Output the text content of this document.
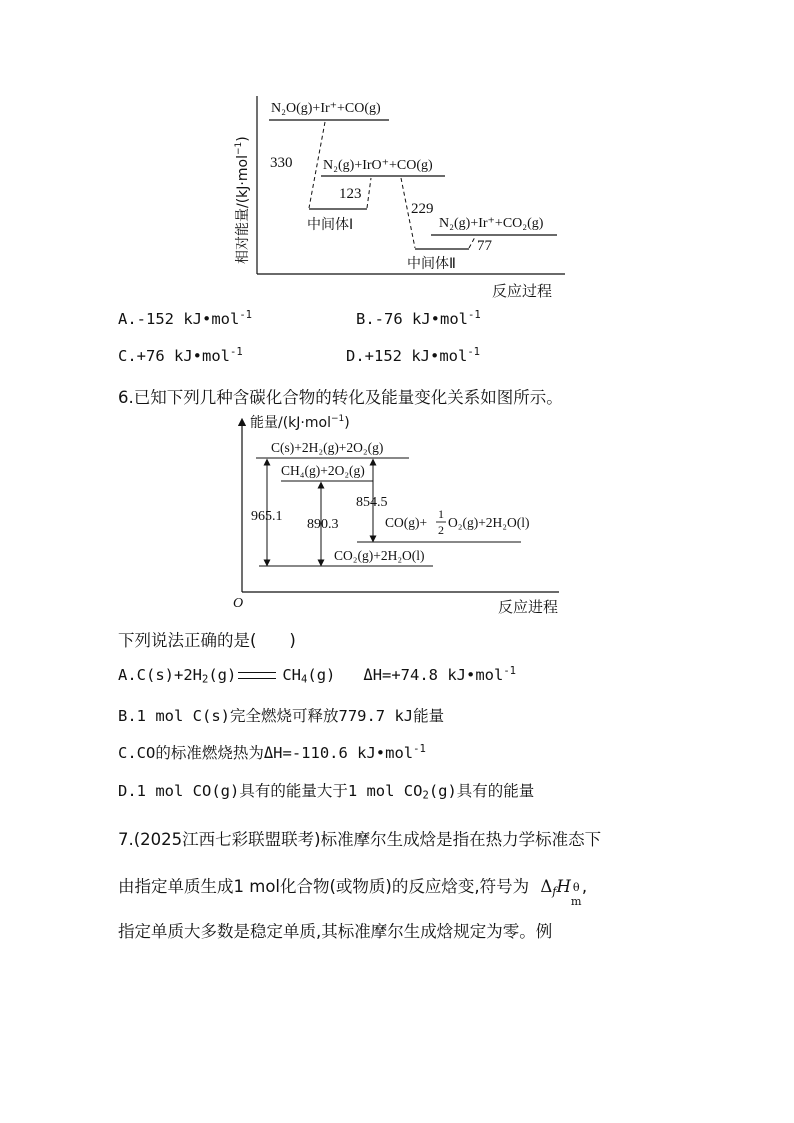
相对能量/(kJ·mol$^{-1}$)
N₂O(g)+Ir⁺+CO(g)
N₂(g)+IrO⁺+CO(g)
N₂(g)+Ir⁺+CO₂(g)
330
123
229
77
中间体Ⅰ
中间体Ⅱ
反应过程
A.-152 kJ•mol$^{-1}$	B.-76 kJ•mol$^{-1}$
C.+76 kJ•mol$^{-1}$	D.+152 kJ•mol$^{-1}$
6.已知下列几种含碳化合物的转化及能量变化关系如图所示。
能量/(kJ·mol$^{-1}$)
O	反应进程
C(s)+2H₂(g)+2O₂(g)
CH₄(g)+2O₂(g)
CO(g)+
1
2 O₂(g)+2H₂O(l)
CO₂(g)+2H₂O(l)
965.1
890.3
854.5
下列说法正确的是(　　)
$A.C(s)+2H_2(g)$	$CH_4(g)$ ΔH=+74.8 kJ•mol$^{-1}$
B.1 mol C(s)完全燃烧可释放779.7 kJ能量
C.CO的标准燃烧热为ΔH=-110.6 kJ•mol$^{-1}$
D.1 mol CO(g)具有的能量大于1 mol $CO_2(g)$具有的能量
7.(2025江西七彩联盟联考)标准摩尔生成焓是指在热力学标准态下
由指定单质生成1 mol化合物(或物质)的反应焓变,符号为 $\Delta_fH$ θ
m
,
指定单质大多数是稳定单质,其标准摩尔生成焓规定为零。例
